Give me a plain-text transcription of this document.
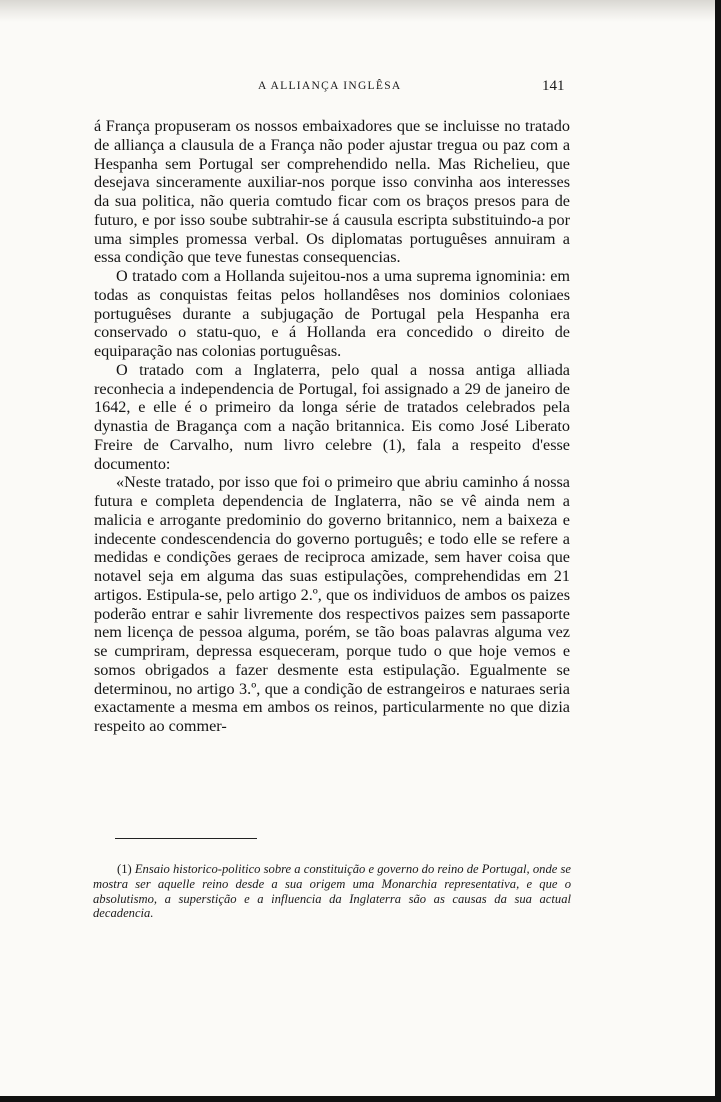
A ALLIANÇA INGLÊSA	141

á França propuseram os nossos embaixadores que se incluisse no tratado de alliança a clausula de a França não poder ajustar tregua ou paz com a Hespanha sem Portugal ser comprehendido nella. Mas Richelieu, que desejava sinceramente auxiliar-nos porque isso convinha aos interesses da sua politica, não queria comtudo ficar com os braços presos para de futuro, e por isso soube subtrahir-se á causula escripta substituindo-a por uma simples promessa verbal. Os diplomatas portuguêses annuiram a essa condição que teve funestas consequencias.

O tratado com a Hollanda sujeitou-nos a uma suprema ignominia: em todas as conquistas feitas pelos hollandêses nos dominios coloniaes portuguêses durante a subjugação de Portugal pela Hespanha era conservado o statu-quo, e á Hollanda era concedido o direito de equiparação nas colonias portuguêsas.

O tratado com a Inglaterra, pelo qual a nossa antiga alliada reconhecia a independencia de Portugal, foi assignado a 29 de janeiro de 1642, e elle é o primeiro da longa série de tratados celebrados pela dynastia de Bragança com a nação britannica. Eis como José Liberato Freire de Carvalho, num livro celebre (1), fala a respeito d'esse documento:

«Neste tratado, por isso que foi o primeiro que abriu caminho á nossa futura e completa dependencia de Inglaterra, não se vê ainda nem a malicia e arrogante predominio do governo britannico, nem a baixeza e indecente condescendencia do governo português; e todo elle se refere a medidas e condições geraes de reciproca amizade, sem haver coisa que notavel seja em alguma das suas estipulações, comprehendidas em 21 artigos. Estipula-se, pelo artigo 2.º, que os individuos de ambos os paizes poderão entrar e sahir livremente dos respectivos paizes sem passaporte nem licença de pessoa alguma, porém, se tão boas palavras alguma vez se cumpriram, depressa esqueceram, porque tudo o que hoje vemos e somos obrigados a fazer desmente esta estipulação. Egualmente se determinou, no artigo 3.º, que a condição de estrangeiros e naturaes seria exactamente a mesma em ambos os reinos, particularmente no que dizia respeito ao commer-

(1) Ensaio historico-politico sobre a constituição e governo do reino de Portugal, onde se mostra ser aquelle reino desde a sua origem uma Monarchia representativa, e que o absolutismo, a superstição e a influencia da Inglaterra são as causas da sua actual decadencia.
